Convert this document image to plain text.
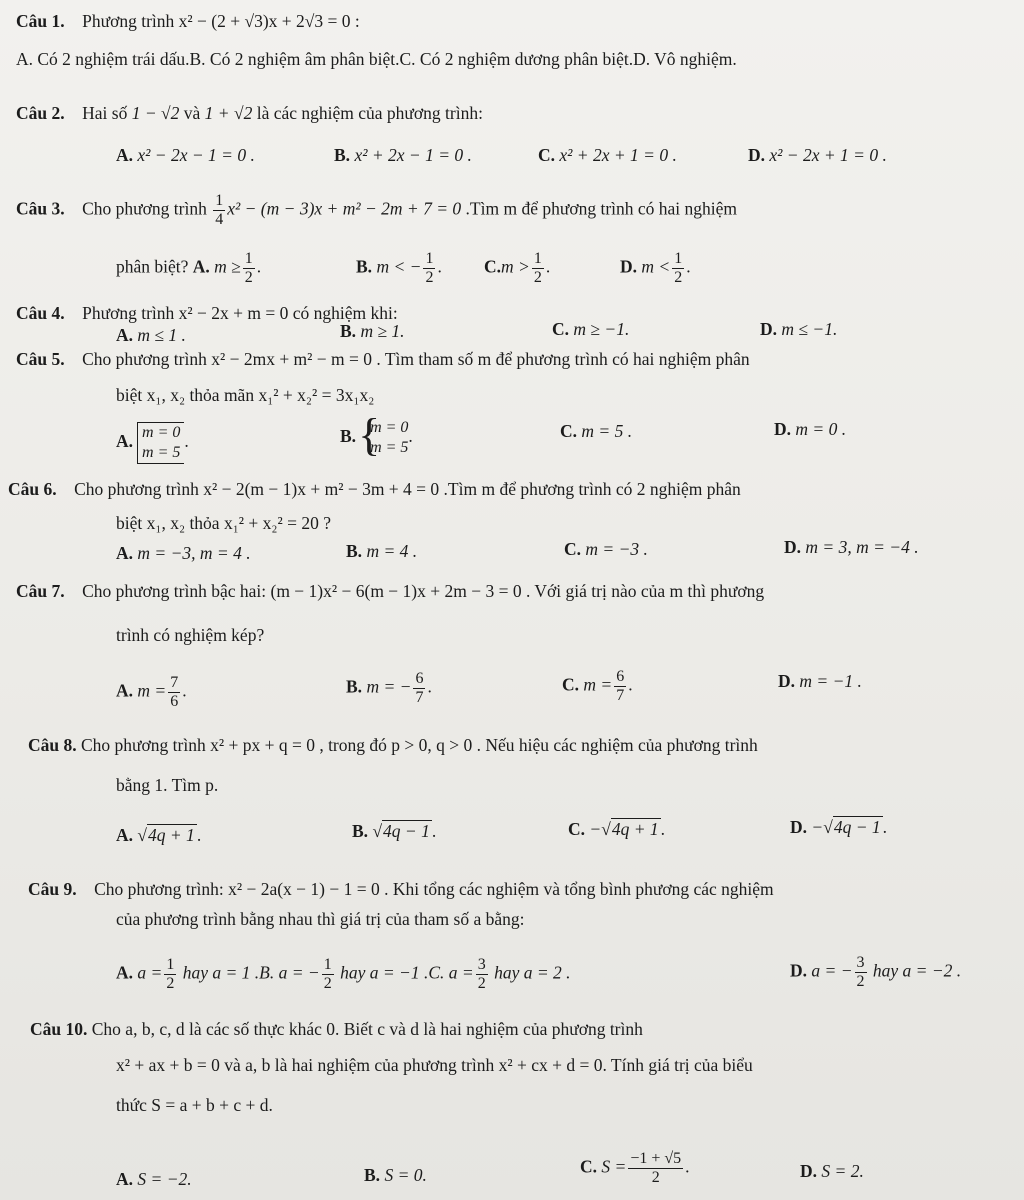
Câu 1. Phương trình x² − (2 + √3)x + 2√3 = 0 :
A. Có 2 nghiệm trái dấu.B. Có 2 nghiệm âm phân biệt.C. Có 2 nghiệm dương phân biệt.D. Vô nghiệm.
Câu 2. Hai số 1 − √2 và 1 + √2 là các nghiệm của phương trình:
A. x² − 2x − 1 = 0 .	B. x² + 2x − 1 = 0 .	C. x² + 2x + 1 = 0 .	D. x² − 2x + 1 = 0 .
Câu 3. Cho phương trình $\frac{1}{4} x^2 - (m - 3)x + m^2 - 2m + 7 = 0$ .Tìm m để phương trình có hai nghiệm
phân biệt? A. $m \ge \frac{1}{2}$ .	B. m < − $\frac{1}{2}$ . $C.m > \frac{1}{2}$ .	D. $m < \frac{1}{2}$ .
Câu 4. Phương trình x² − 2x + m = 0 có nghiệm khi:
A. m ≤ 1 .	B. m ≥ 1.	C. m ≥ −1.	D. m ≤ −1.
Câu 5. Cho phương trình x² − 2mx + m² − m = 0 . Tìm tham số m để phương trình có hai nghiệm phân
biệt x₁, x₂ thỏa mãn x₁² + x₂² = 3x₁x₂
A. m = 0
m = 5
.	B.
{ m = 0
m = 5
.	C. m = 5 .	D. m = 0 .
Câu 6. Cho phương trình x² − 2(m − 1)x + m² − 3m + 4 = 0 .Tìm m để phương trình có 2 nghiệm phân
biệt x₁, x₂ thỏa x₁² + x₂² = 20 ?
A. m = −3, m = 4 .	B. m = 4 .	C. m = −3 .	D. m = 3, m = −4 .
Câu 7. Cho phương trình bậc hai: (m − 1)x² − 6(m − 1)x + 2m − 3 = 0 . Với giá trị nào của m thì phương
trình có nghiệm kép?
A. $m = \frac{7}{6}$ .	B. m = − $\frac{6}{7}$ .	C. $m = \frac{6}{7}$ .	D. m = −1 .
Câu 8. Cho phương trình x² + px + q = 0 , trong đó p > 0, q > 0 . Nếu hiệu các nghiệm của phương trình
bằng 1. Tìm p.
A. √4q + 1 .	B. √4q − 1 .	C. −√4q + 1 .	D. −√4q − 1 .
Câu 9. Cho phương trình: x² − 2a(x − 1) − 1 = 0 . Khi tổng các nghiệm và tổng bình phương các nghiệm
của phương trình bằng nhau thì giá trị của tham số a bằng:
A. $a = \frac{1}{2}$ hay a = 1 .B. a = − $\frac{1}{2}$ hay a = −1 .C. $a = \frac{3}{2}$ hay a = 2 .	D. a = − $\frac{3}{2}$ hay a = −2 .
Câu 10. Cho a, b, c, d là các số thực khác 0. Biết c và d là hai nghiệm của phương trình
x² + ax + b = 0 và a, b là hai nghiệm của phương trình x² + cx + d = 0. Tính giá trị của biểu
thức S = a + b + c + d.
A. S = −2.	B. S = 0.	C. $S = \frac{-1 + √5}{2}$ .	D. S = 2.
